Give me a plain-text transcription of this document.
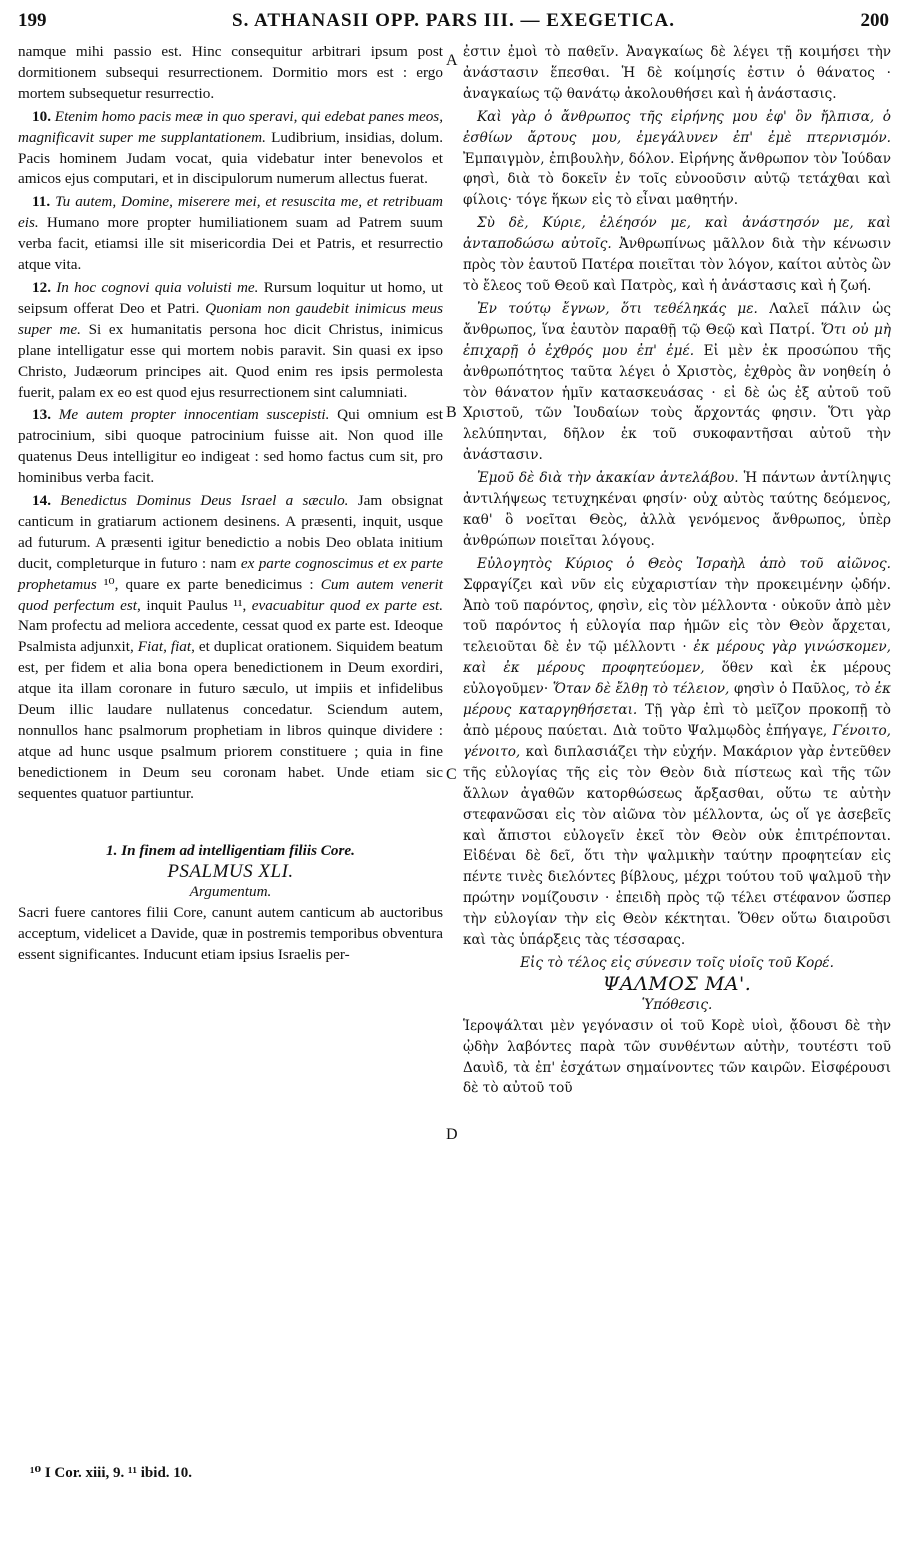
199	S. ATHANASII OPP. PARS III. — EXEGETICA.	200
A
B
C
D

namque mihi passio est. Hinc consequitur arbitrari ipsum post dormitionem subsequi resurrectionem. Dormitio mors est : ergo mortem subsequetur resurrectio.

10. Etenim homo pacis meæ in quo speravi, qui edebat panes meos, magnificavit super me supplantationem. Ludibrium, insidias, dolum. Pacis hominem Judam vocat, quia videbatur inter benevolos et amicos ejus computari, et in discipulorum numerum allectus fuerat.

11. Tu autem, Domine, miserere mei, et resuscita me, et retribuam eis. Humano more propter humiliationem suam ad Patrem suum verba facit, etiamsi ille sit misericordia Dei et Patris, et resurrectio atque vita.

12. In hoc cognovi quia voluisti me. Rursum loquitur ut homo, ut seipsum offerat Deo et Patri. Quoniam non gaudebit inimicus meus super me. Si ex humanitatis persona hoc dicit Christus, inimicus plane intelligatur esse qui mortem nobis paravit. Sin quasi ex ipso Christo, Judæorum principes ait. Quod enim res ipsis permolesta fuerit, palam ex eo est quod ejus resurrectionem sint calumniati.

13. Me autem propter innocentiam suscepisti. Qui omnium est patrocinium, sibi quoque patrocinium fuisse ait. Non quod ille quatenus Deus intelligitur eo indigeat : sed homo factus cum sit, pro hominibus verba facit.

14. Benedictus Dominus Deus Israel a sæculo. Jam obsignat canticum in gratiarum actionem desinens. A præsenti, inquit, usque ad futurum. A præsenti igitur benedictio a nobis Deo oblata initium ducit, completurque in futuro : nam ex parte cognoscimus et ex parte prophetamus ¹⁰, quare ex parte benedicimus : Cum autem venerit quod perfectum est, inquit Paulus ¹¹, evacuabitur quod ex parte est. Nam profectu ad meliora accedente, cessat quod ex parte est. Ideoque Psalmista adjunxit, Fiat, fiat, et duplicat orationem. Siquidem beatum est, per fidem et alia bona opera benedictionem in Deum exordiri, atque ita illam coronare in futuro sæculo, ut impiis et infidelibus Deum illic laudare nullatenus concedatur. Sciendum autem, nonnullos hanc psalmorum prophetiam in libros quinque dividere : atque ad hunc usque psalmum priorem constituere ; quia in fine benedictionem in Deum seu coronam habet. Unde etiam sic sequentes quatuor partiuntur.

1. In finem ad intelligentiam filiis Core.

PSALMUS XLI.

Argumentum.

Sacri fuere cantores filii Core, canunt autem canticum ab auctoribus acceptum, videlicet a Davide, quæ in postremis temporibus obventura essent significantes. Inducunt etiam ipsius Israelis per-

ἐστιν ἐμοὶ τὸ παθεῖν. Ἀναγκαίως δὲ λέγει τῇ κοιμήσει τὴν ἀνάστασιν ἕπεσθαι. Ἡ δὲ κοίμησίς ἐστιν ὁ θάνατος · ἀναγκαίως τῷ θανάτῳ ἀκολουθήσει καὶ ἡ ἀνάστασις.

Καὶ γὰρ ὁ ἄνθρωπος τῆς εἰρήνης μου ἐφ' ὃν ἤλπισα, ὁ ἐσθίων ἄρτους μου, ἐμεγάλυνεν ἐπ' ἐμὲ πτερνισμόν. Ἐμπαιγμὸν, ἐπιβουλὴν, δόλον. Εἰρήνης ἄνθρωπον τὸν Ἰούδαν φησὶ, διὰ τὸ δοκεῖν ἐν τοῖς εὐνοοῦσιν αὐτῷ τετάχθαι καὶ φίλοις· τόγε ἥκων εἰς τὸ εἶναι μαθητήν.

Σὺ δὲ, Κύριε, ἐλέησόν με, καὶ ἀνάστησόν με, καὶ ἀνταποδώσω αὐτοῖς. Ἀνθρωπίνως μᾶλλον διὰ τὴν κένωσιν πρὸς τὸν ἑαυτοῦ Πατέρα ποιεῖται τὸν λόγον, καίτοι αὐτὸς ὢν τὸ ἔλεος τοῦ Θεοῦ καὶ Πατρὸς, καὶ ἡ ἀνάστασις καὶ ἡ ζωή.

Ἐν τούτῳ ἔγνων, ὅτι τεθέληκάς με. Λαλεῖ πάλιν ὡς ἄνθρωπος, ἵνα ἑαυτὸν παραθῇ τῷ Θεῷ καὶ Πατρί. Ὅτι οὐ μὴ ἐπιχαρῇ ὁ ἐχθρός μου ἐπ' ἐμέ. Εἰ μὲν ἐκ προσώπου τῆς ἀνθρωπότητος ταῦτα λέγει ὁ Χριστὸς, ἐχθρὸς ἂν νοηθείη ὁ τὸν θάνατον ἡμῖν κατασκευάσας · εἰ δὲ ὡς ἐξ αὐτοῦ τοῦ Χριστοῦ, τῶν Ἰουδαίων τοὺς ἄρχοντάς φησιν. Ὅτι γὰρ λελύπηνται, δῆλον ἐκ τοῦ συκοφαντῆσαι αὐτοῦ τὴν ἀνάστασιν.

Ἐμοῦ δὲ διὰ τὴν ἀκακίαν ἀντελάβου. Ἡ πάντων ἀντίληψις ἀντιλήψεως τετυχηκέναι φησίν· οὐχ αὐτὸς ταύτης δεόμενος, καθ' ὃ νοεῖται Θεὸς, ἀλλὰ γενόμενος ἄνθρωπος, ὑπὲρ ἀνθρώπων ποιεῖται λόγους.

Εὐλογητὸς Κύριος ὁ Θεὸς Ἰσραὴλ ἀπὸ τοῦ αἰῶνος. Σφραγίζει καὶ νῦν εἰς εὐχαριστίαν τὴν προκειμένην ᾠδήν. Ἀπὸ τοῦ παρόντος, φησὶν, εἰς τὸν μέλλοντα · οὐκοῦν ἀπὸ μὲν τοῦ παρόντος ἡ εὐλογία παρ ἡμῶν εἰς τὸν Θεὸν ἄρχεται, τελειοῦται δὲ ἐν τῷ μέλλοντι · ἐκ μέρους γὰρ γινώσκομεν, καὶ ἐκ μέρους προφητεύομεν, ὅθεν καὶ ἐκ μέρους εὐλογοῦμεν· Ὅταν δὲ ἔλθῃ τὸ τέλειον, φησὶν ὁ Παῦλος, τὸ ἐκ μέρους καταργηθήσεται. Τῇ γὰρ ἐπὶ τὸ μεῖζον προκοπῇ τὸ ἀπὸ μέρους παύεται. Διὰ τοῦτο Ψαλμῳδὸς ἐπήγαγε, Γένοιτο, γένοιτο, καὶ διπλασιάζει τὴν εὐχήν. Μακάριον γὰρ ἐντεῦθεν τῆς εὐλογίας τῆς εἰς τὸν Θεὸν διὰ πίστεως καὶ τῆς τῶν ἄλλων ἀγαθῶν κατορθώσεως ἄρξασθαι, οὕτω τε αὐτὴν στεφανῶσαι εἰς τὸν αἰῶνα τὸν μέλλοντα, ὡς οἵ γε ἀσεβεῖς καὶ ἄπιστοι εὐλογεῖν ἐκεῖ τὸν Θεὸν οὐκ ἐπιτρέπονται. Εἰδέναι δὲ δεῖ, ὅτι τὴν ψαλμικὴν ταύτην προφητείαν εἰς πέντε τινὲς διελόντες βίβλους, μέχρι τούτου τοῦ ψαλμοῦ τὴν πρώτην νομίζουσιν · ἐπειδὴ πρὸς τῷ τέλει στέφανον ὥσπερ τὴν εὐλογίαν τὴν εἰς Θεὸν κέκτηται. Ὅθεν οὕτω διαιροῦσι καὶ τὰς ὑπάρξεις τὰς τέσσαρας.

Εἰς τὸ τέλος εἰς σύνεσιν τοῖς υἱοῖς τοῦ Κορέ.

ΨΑΛΜΟΣ ΜΑ'.

Ὑπόθεσις.

Ἱεροψάλται μὲν γεγόνασιν οἱ τοῦ Κορὲ υἱοὶ, ᾄδουσι δὲ τὴν ᾠδὴν λαβόντες παρὰ τῶν συνθέντων αὐτὴν, τουτέστι τοῦ Δαυὶδ, τὰ ἐπ' ἐσχάτων σημαίνοντες τῶν καιρῶν. Εἰσφέρουσι δὲ τὸ αὐτοῦ τοῦ

¹⁰ I Cor. xiii, 9. ¹¹ ibid. 10.
